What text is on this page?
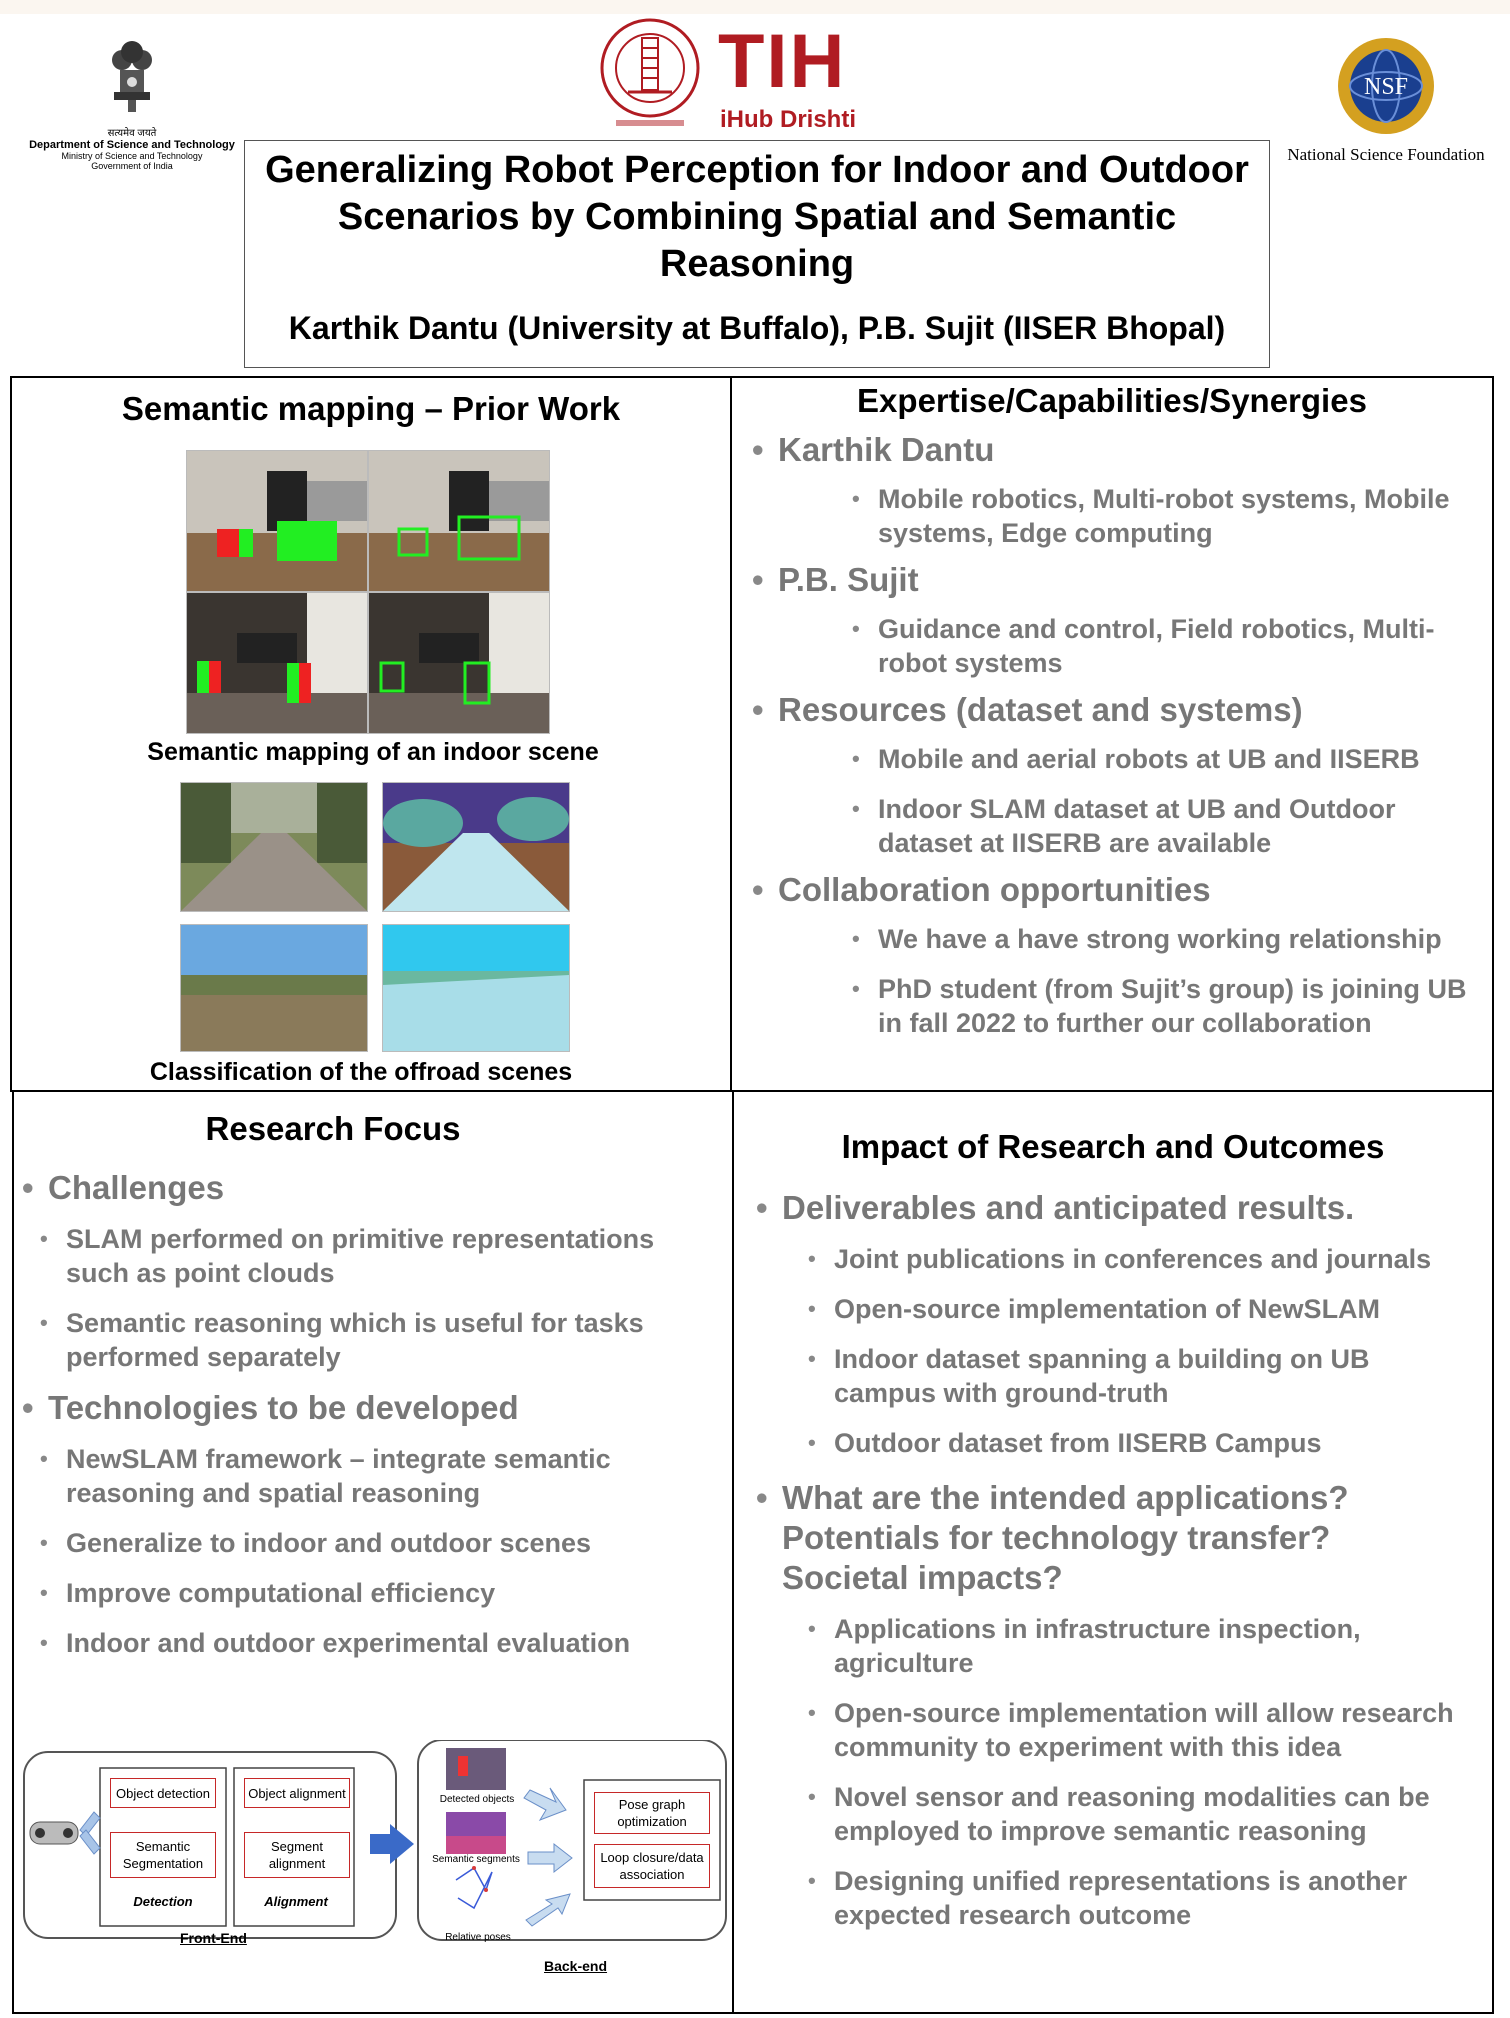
सत्यमेव जयते
Department of Science and Technology
Ministry of Science and Technology
Government of India
TIH
iHub Drishti
NSF
National Science Foundation
Generalizing Robot Perception for Indoor and Outdoor Scenarios by Combining Spatial and Semantic Reasoning
Karthik Dantu (University at Buffalo), P.B. Sujit (IISER Bhopal)
Semantic mapping – Prior Work
Semantic mapping of an indoor scene
Classification of the offroad scenes
Expertise/Capabilities/Synergies
• Karthik Dantu
• Mobile robotics, Multi-robot systems, Mobile systems, Edge computing
• P.B. Sujit
• Guidance and control, Field robotics, Multi-robot systems
• Resources (dataset and systems)
• Mobile and aerial robots at UB and IISERB
• Indoor SLAM dataset at UB and Outdoor dataset at IISERB are available
• Collaboration opportunities
• We have a have strong working relationship
• PhD student (from Sujit’s group) is joining UB in fall 2022 to further our collaboration
Research Focus
• Challenges
• SLAM performed on primitive representations such as point clouds
• Semantic reasoning which is useful for tasks performed separately
• Technologies to be developed
• NewSLAM framework – integrate semantic reasoning and spatial reasoning
• Generalize to indoor and outdoor scenes
• Improve computational efficiency
• Indoor and outdoor experimental evaluation
Object detection
Semantic Segmentation
Object alignment
Segment alignment
Detection	Alignment
Front-End
Detected objects
Semantic segments
Relative poses
Pose graph optimization
Loop closure/data association
Back-end
Impact of Research and Outcomes
• Deliverables and anticipated results.
• Joint publications in conferences and journals
• Open-source implementation of NewSLAM
• Indoor dataset spanning a building on UB campus with ground-truth
• Outdoor dataset from IISERB Campus
• What are the intended applications? Potentials for technology transfer? Societal impacts?
• Applications in infrastructure inspection, agriculture
• Open-source implementation will allow research community to experiment with this idea
• Novel sensor and reasoning modalities can be employed to improve semantic reasoning
• Designing unified representations is another expected research outcome
